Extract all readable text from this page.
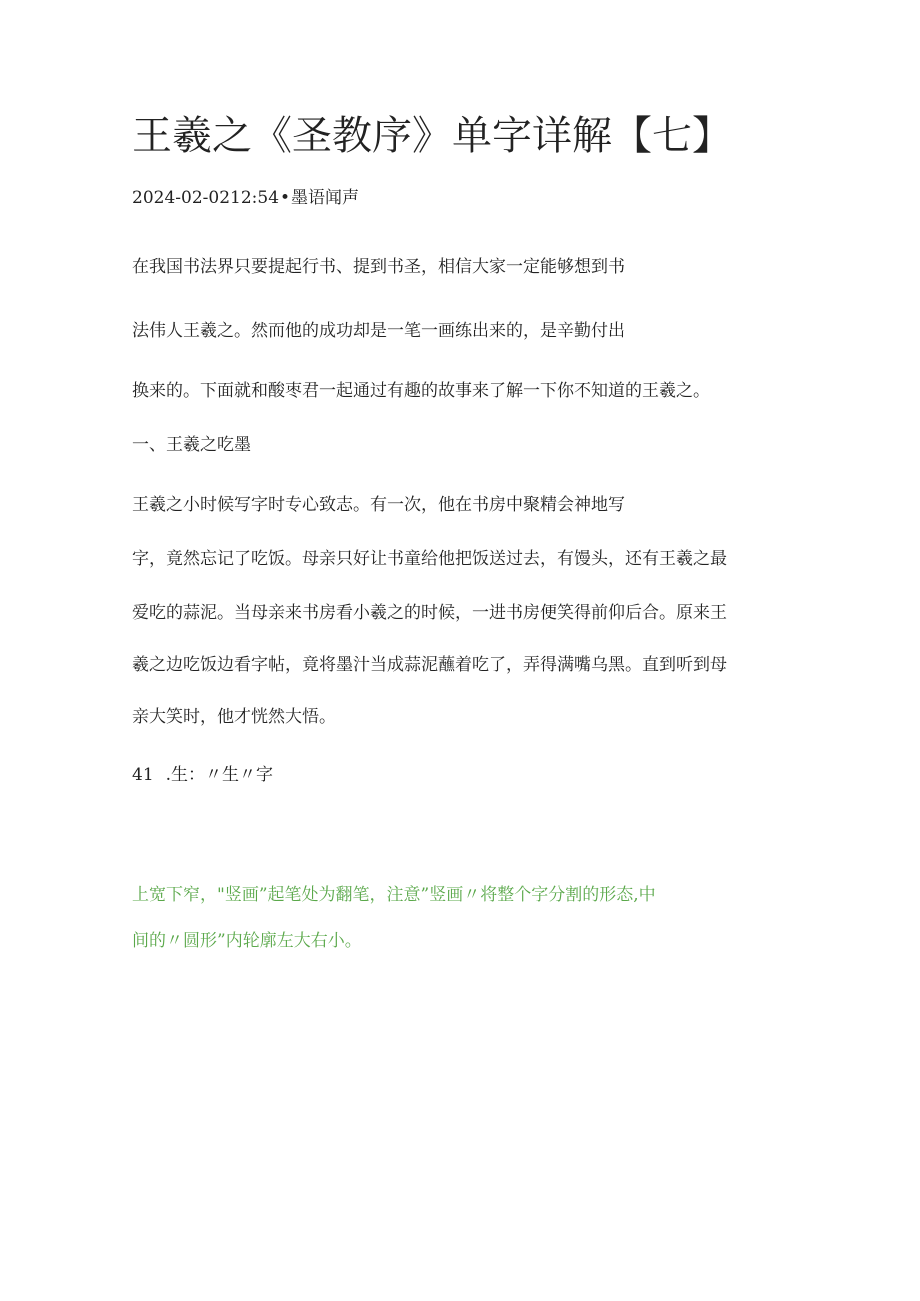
王羲之《圣教序》单字详解【七】
2024-02-0212:54•墨语闻声
在我国书法界只要提起行书、提到书圣，相信大家一定能够想到书
法伟人王羲之。然而他的成功却是一笔一画练出来的，是辛勤付出
换来的。下面就和酸枣君一起通过有趣的故事来了解一下你不知道的王羲之。
一、王羲之吃墨
王羲之小时候写字时专心致志。有一次，他在书房中聚精会神地写
字，竟然忘记了吃饭。母亲只好让书童给他把饭送过去，有馒头，还有王羲之最
爱吃的蒜泥。当母亲来书房看小羲之的时候，一进书房便笑得前仰后合。原来王
羲之边吃饭边看字帖，竟将墨汁当成蒜泥蘸着吃了，弄得满嘴乌黑。直到听到母
亲大笑时，他才恍然大悟。
41 .生：〃生〃字
上宽下窄，"竖画”起笔处为翻笔，注意”竖画〃将整个字分割的形态,中
间的〃圆形”内轮廓左大右小。
